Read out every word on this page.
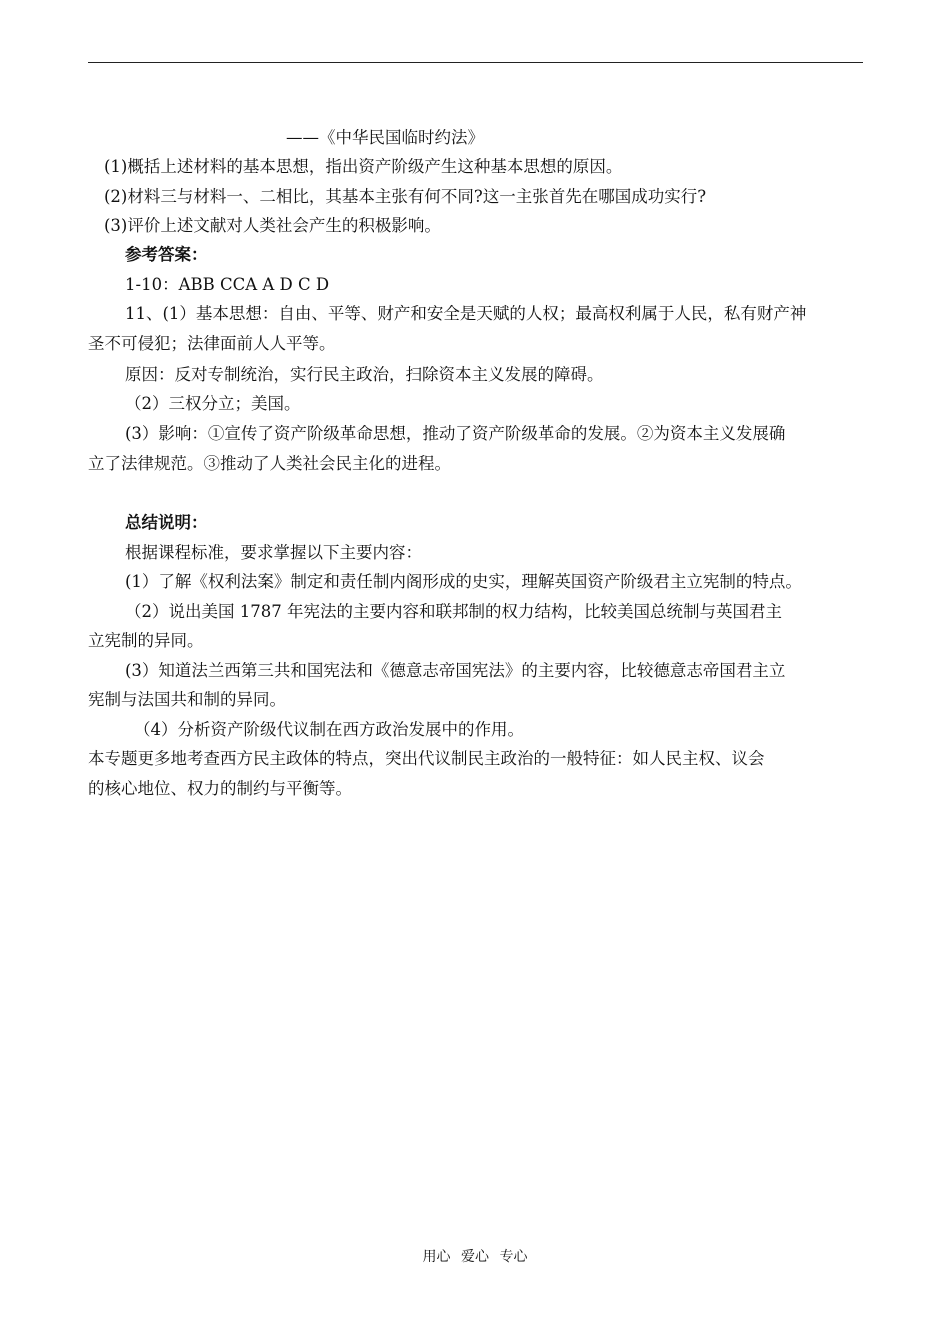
——《中华民国临时约法》
(1)概括上述材料的基本思想，指出资产阶级产生这种基本思想的原因。
(2)材料三与材料一、二相比，其基本主张有何不同?这一主张首先在哪国成功实行?
(3)评价上述文献对人类社会产生的积极影响。
参考答案：
1-10：ABB CCA A D C D
11、(1）基本思想：自由、平等、财产和安全是天赋的人权；最高权利属于人民，私有财产神
圣不可侵犯；法律面前人人平等。
原因：反对专制统治，实行民主政治，扫除资本主义发展的障碍。
（2）三权分立；美国。
(3）影响：①宣传了资产阶级革命思想，推动了资产阶级革命的发展。②为资本主义发展确
立了法律规范。③推动了人类社会民主化的进程。
总结说明：
根据课程标准，要求掌握以下主要内容：
(1）了解《权利法案》制定和责任制内阁形成的史实，理解英国资产阶级君主立宪制的特点。
（2）说出美国 1787 年宪法的主要内容和联邦制的权力结构，比较美国总统制与英国君主
立宪制的异同。
(3）知道法兰西第三共和国宪法和《德意志帝国宪法》的主要内容，比较德意志帝国君主立
宪制与法国共和制的异同。
（4）分析资产阶级代议制在西方政治发展中的作用。
本专题更多地考查西方民主政体的特点，突出代议制民主政治的一般特征：如人民主权、议会
的核心地位、权力的制约与平衡等。
用心 爱心 专心
